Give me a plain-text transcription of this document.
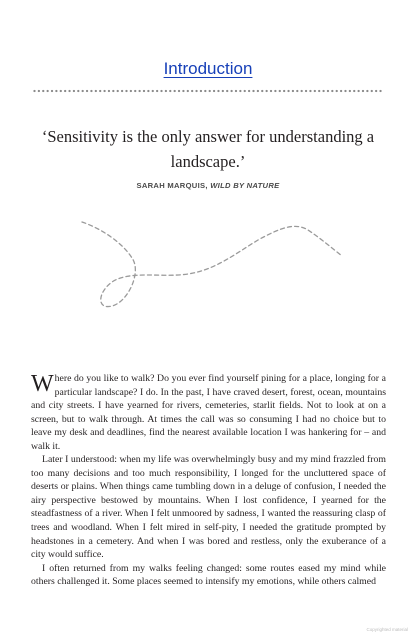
Introduction

‘Sensitivity is the only answer for understanding a landscape.’

SARAH MARQUIS, WILD BY NATURE

Where do you like to walk? Do you ever find yourself pining for a place, longing for a particular landscape? I do. In the past, I have craved desert, forest, ocean, mountains and city streets. I have yearned for rivers, cemeteries, starlit fields. Not to look at on a screen, but to walk through. At times the call was so consuming I had no choice but to leave my desk and deadlines, find the nearest available location I was hankering for – and walk it.

Later I understood: when my life was overwhelmingly busy and my mind frazzled from too many decisions and too much responsibility, I longed for the uncluttered space of deserts or plains. When things came tumbling down in a deluge of confusion, I needed the airy perspective bestowed by mountains. When I lost confidence, I yearned for the steadfastness of a river. When I felt unmoored by sadness, I wanted the reassuring clasp of trees and woodland. When I felt mired in self-pity, I needed the gratitude prompted by headstones in a cemetery. And when I was bored and restless, only the exuberance of a city would suffice.

I often returned from my walks feeling changed: some routes eased my mind while others challenged it. Some places seemed to intensify my emotions, while others calmed

Copyrighted material
